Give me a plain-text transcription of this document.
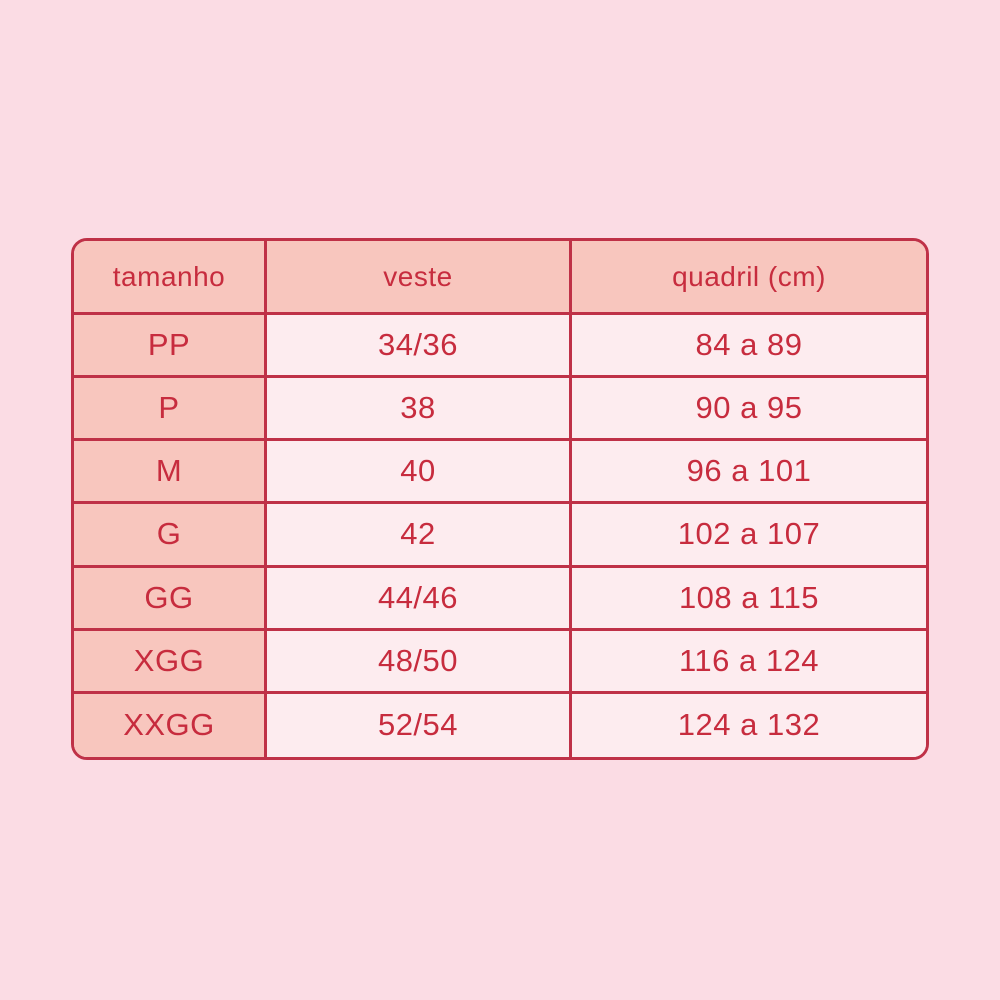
tamanho	veste	quadril (cm)
PP	34/36	84 a 89
P	38	90 a 95
M	40	96 a 101
G	42	102 a 107
GG	44/46	108 a 115
XGG	48/50	116 a 124
XXGG	52/54	124 a 132
